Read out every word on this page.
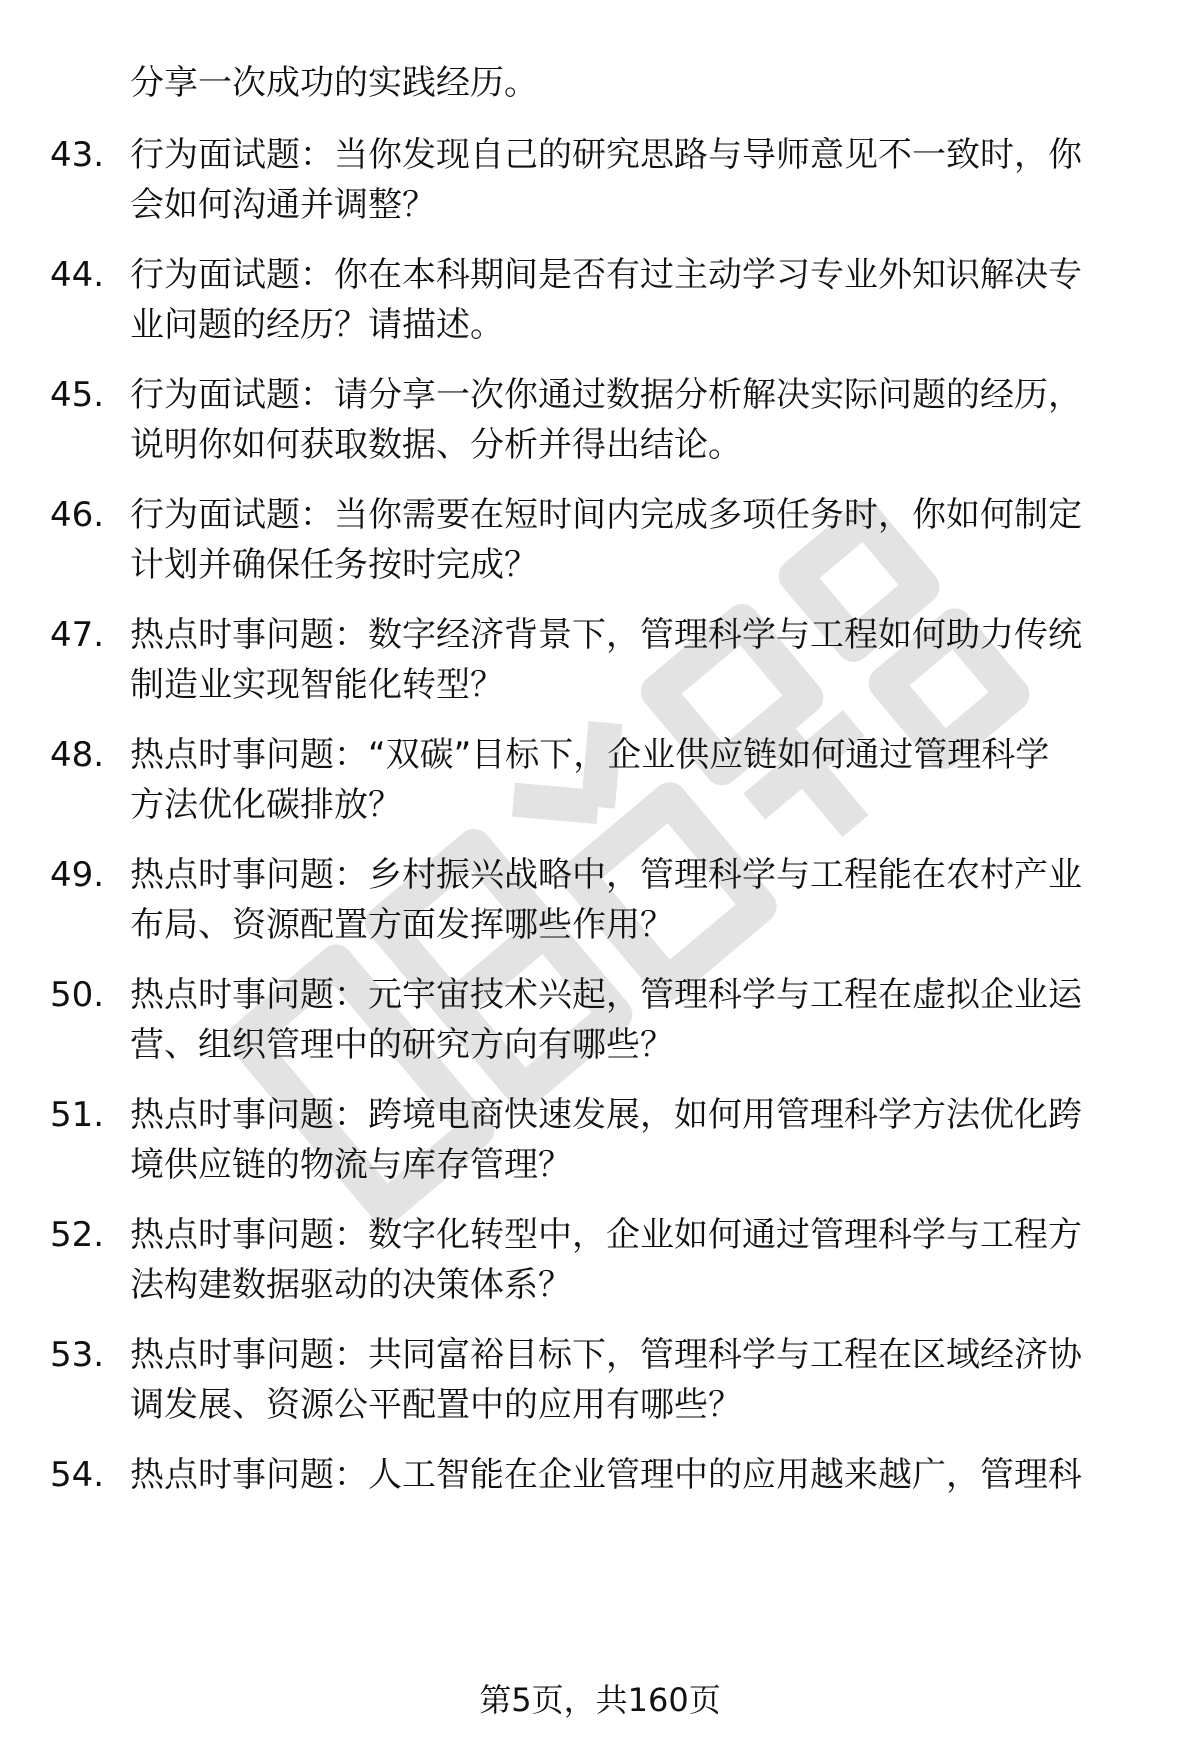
分享一次成功的实践经历。
43. 行为面试题：当你发现自己的研究思路与导师意见不一致时，你
会如何沟通并调整？
44. 行为面试题：你在本科期间是否有过主动学习专业外知识解决专
业问题的经历？请描述。
45. 行为面试题：请分享一次你通过数据分析解决实际问题的经历，
说明你如何获取数据、分析并得出结论。
46. 行为面试题：当你需要在短时间内完成多项任务时，你如何制定
计划并确保任务按时完成？
47. 热点时事问题：数字经济背景下，管理科学与工程如何助力传统
制造业实现智能化转型？
48. 热点时事问题：“双碳”目标下，企业供应链如何通过管理科学
方法优化碳排放？
49. 热点时事问题：乡村振兴战略中，管理科学与工程能在农村产业
布局、资源配置方面发挥哪些作用？
50. 热点时事问题：元宇宙技术兴起，管理科学与工程在虚拟企业运
营、组织管理中的研究方向有哪些？
51. 热点时事问题：跨境电商快速发展，如何用管理科学方法优化跨
境供应链的物流与库存管理？
52. 热点时事问题：数字化转型中，企业如何通过管理科学与工程方
法构建数据驱动的决策体系？
53. 热点时事问题：共同富裕目标下，管理科学与工程在区域经济协
调发展、资源公平配置中的应用有哪些？
54. 热点时事问题：人工智能在企业管理中的应用越来越广，管理科
第5页，共160页
